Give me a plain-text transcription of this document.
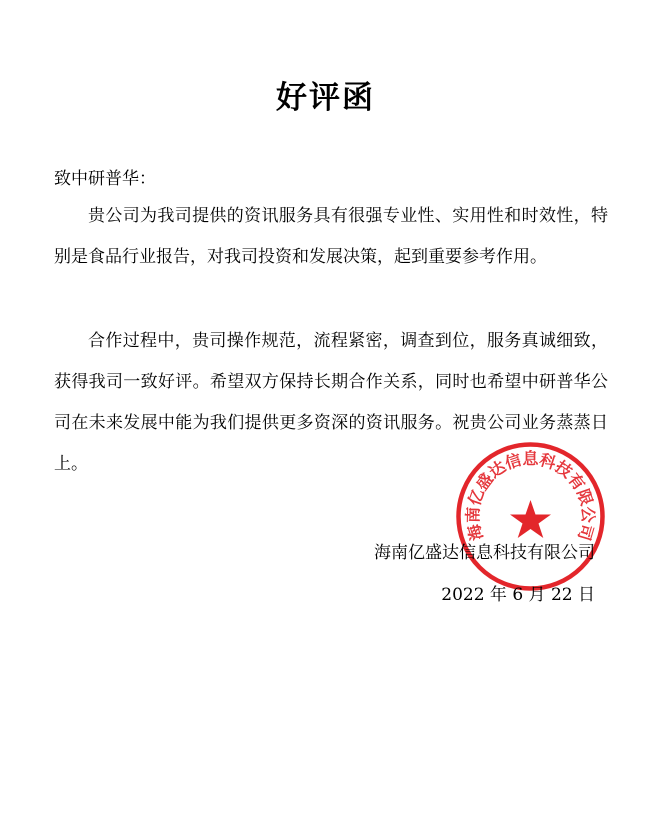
好评函
致中研普华：
贵公司为我司提供的资讯服务具有很强专业性、实用性和时效性，特别是食品行业报告，对我司投资和发展决策，起到重要参考作用。
合作过程中，贵司操作规范，流程紧密，调查到位，服务真诚细致，获得我司一致好评。希望双方保持长期合作关系，同时也希望中研普华公司在未来发展中能为我们提供更多资深的资讯服务。祝贵公司业务蒸蒸日上。
海南亿盛达信息科技有限公司
海南亿盛达信息科技有限公司
2022 年 6 月 22 日
